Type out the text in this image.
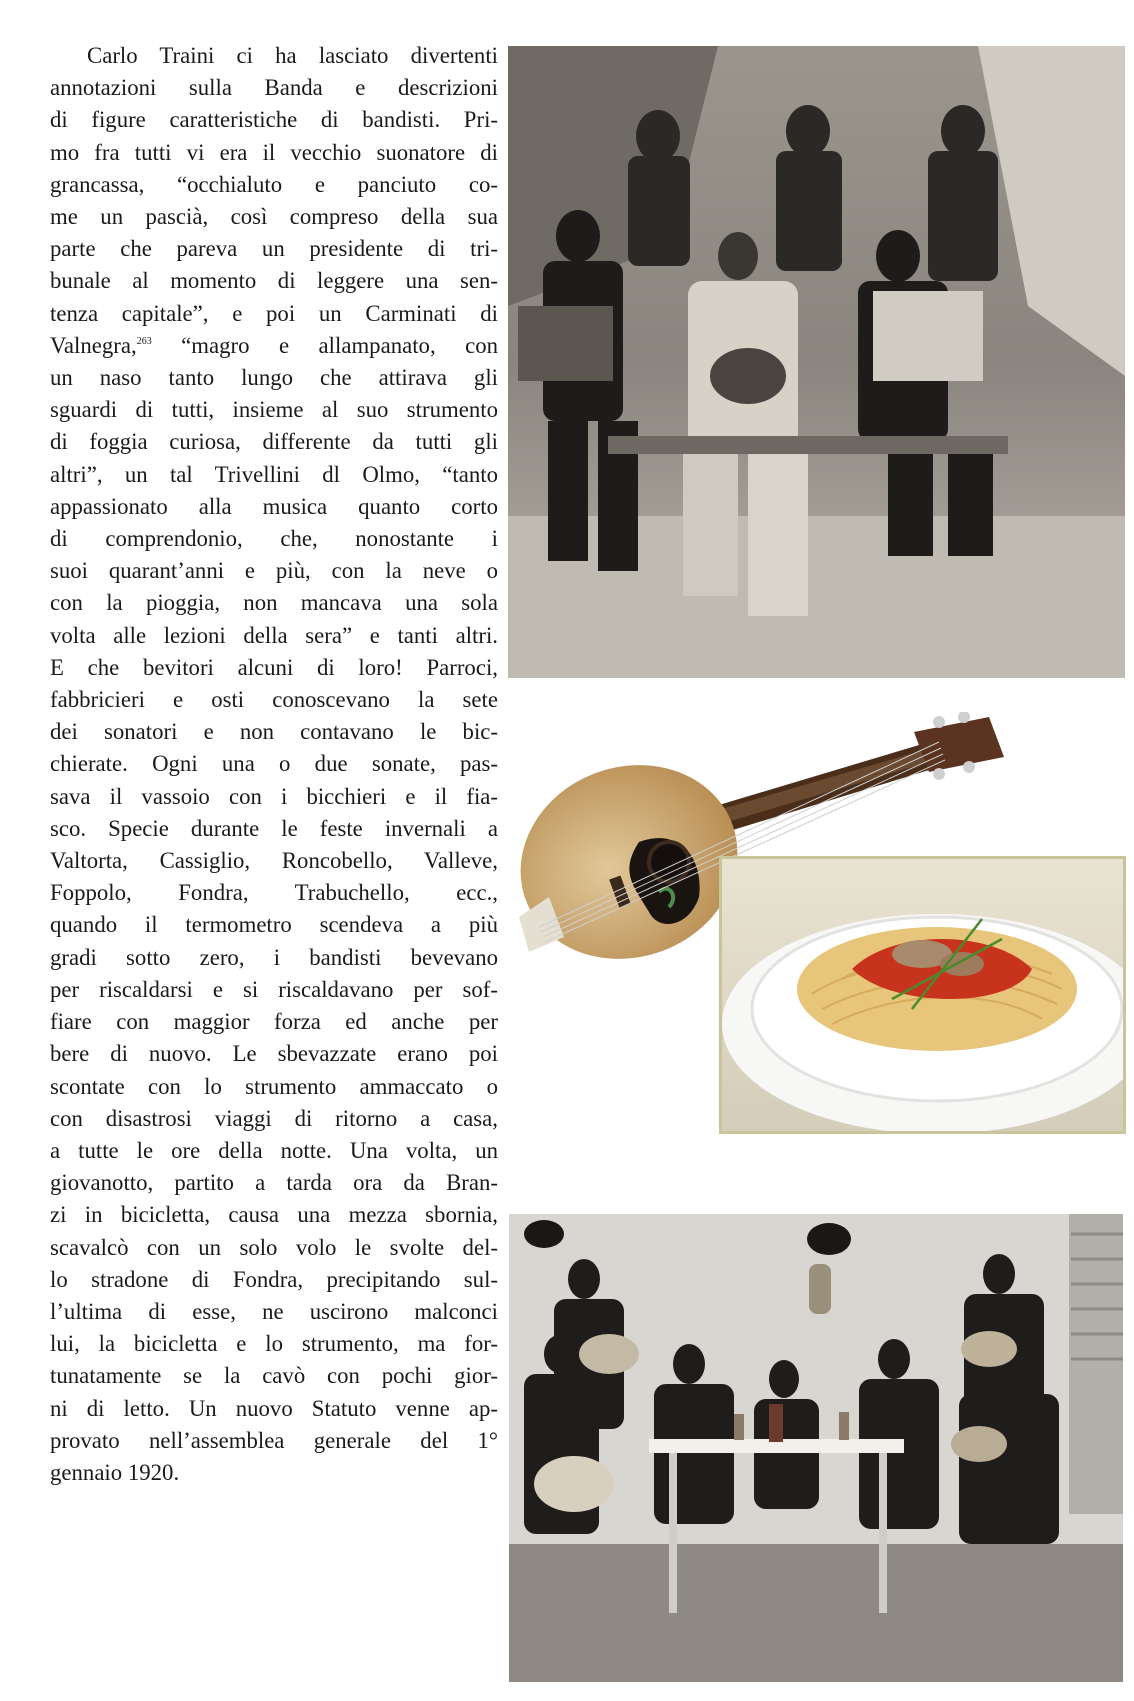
Carlo Traini ci ha lasciato divertenti
annotazioni sulla Banda e descrizioni
di figure caratteristiche di bandisti. Pri-
mo fra tutti vi era il vecchio suonatore di
grancassa, “occhialuto e panciuto co-
me un pascià, così compreso della sua
parte che pareva un presidente di tri-
bunale al momento di leggere una sen-
tenza capitale”, e poi un Carminati di
Valnegra,$^{263}$ “magro e allampanato, con
un naso tanto lungo che attirava gli
sguardi di tutti, insieme al suo strumento
di foggia curiosa, differente da tutti gli
altri”, un tal Trivellini dl Olmo, “tanto
appassionato alla musica quanto corto
di comprendonio, che, nonostante i
suoi quarant’anni e più, con la neve o
con la pioggia, non mancava una sola
volta alle lezioni della sera” e tanti altri.
E che bevitori alcuni di loro! Parroci,
fabbricieri e osti conoscevano la sete
dei sonatori e non contavano le bic-
chierate. Ogni una o due sonate, pas-
sava il vassoio con i bicchieri e il fia-
sco. Specie durante le feste invernali a
Valtorta, Cassiglio, Roncobello, Valleve,
Foppolo, Fondra, Trabuchello, ecc.,
quando il termometro scendeva a più
gradi sotto zero, i bandisti bevevano
per riscaldarsi e si riscaldavano per sof-
fiare con maggior forza ed anche per
bere di nuovo. Le sbevazzate erano poi
scontate con lo strumento ammaccato o
con disastrosi viaggi di ritorno a casa,
a tutte le ore della notte. Una volta, un
giovanotto, partito a tarda ora da Bran-
zi in bicicletta, causa una mezza sbornia,
scavalcò con un solo volo le svolte del-
lo stradone di Fondra, precipitando sul-
l’ultima di esse, ne uscirono malconci
lui, la bicicletta e lo strumento, ma for-
tunatamente se la cavò con pochi gior-
ni di letto. Un nuovo Statuto venne ap-
provato nell’assemblea generale del 1°
gennaio 1920.
